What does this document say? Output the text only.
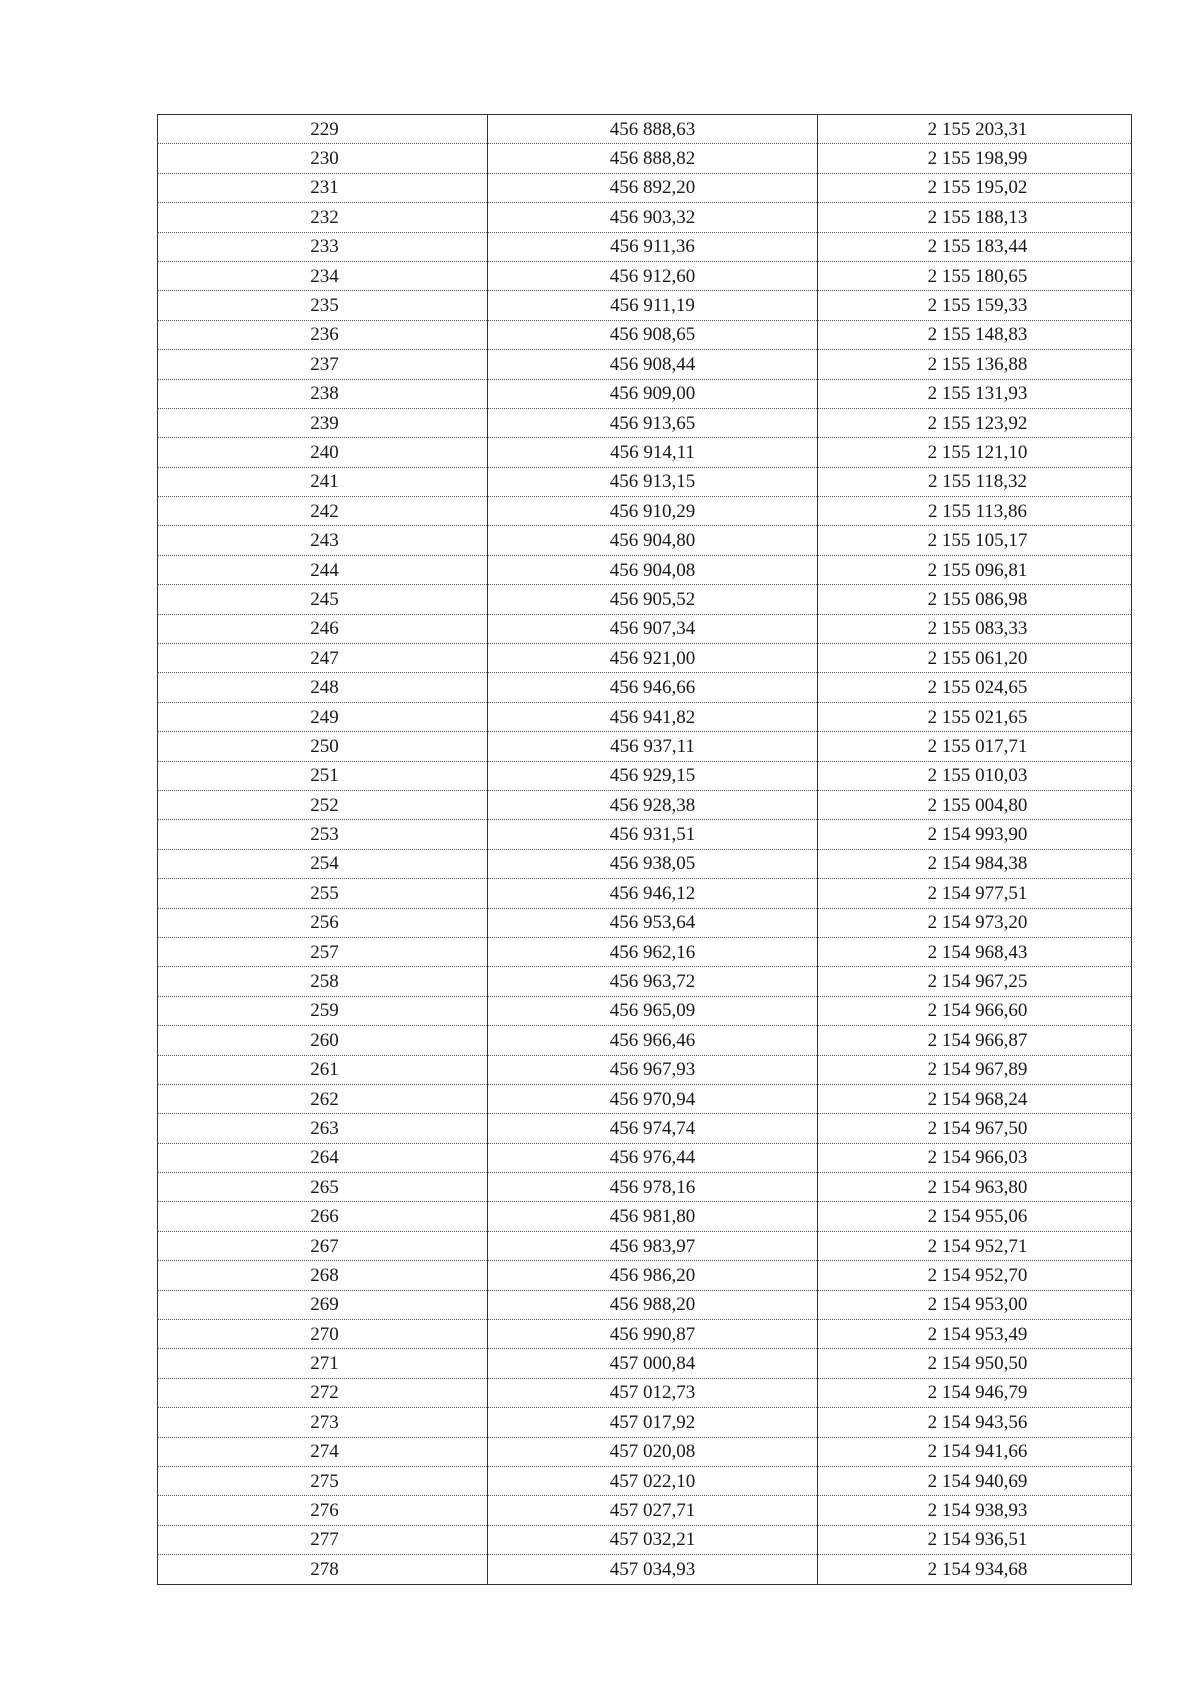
229	456 888,63	2 155 203,31
230	456 888,82	2 155 198,99
231	456 892,20	2 155 195,02
232	456 903,32	2 155 188,13
233	456 911,36	2 155 183,44
234	456 912,60	2 155 180,65
235	456 911,19	2 155 159,33
236	456 908,65	2 155 148,83
237	456 908,44	2 155 136,88
238	456 909,00	2 155 131,93
239	456 913,65	2 155 123,92
240	456 914,11	2 155 121,10
241	456 913,15	2 155 118,32
242	456 910,29	2 155 113,86
243	456 904,80	2 155 105,17
244	456 904,08	2 155 096,81
245	456 905,52	2 155 086,98
246	456 907,34	2 155 083,33
247	456 921,00	2 155 061,20
248	456 946,66	2 155 024,65
249	456 941,82	2 155 021,65
250	456 937,11	2 155 017,71
251	456 929,15	2 155 010,03
252	456 928,38	2 155 004,80
253	456 931,51	2 154 993,90
254	456 938,05	2 154 984,38
255	456 946,12	2 154 977,51
256	456 953,64	2 154 973,20
257	456 962,16	2 154 968,43
258	456 963,72	2 154 967,25
259	456 965,09	2 154 966,60
260	456 966,46	2 154 966,87
261	456 967,93	2 154 967,89
262	456 970,94	2 154 968,24
263	456 974,74	2 154 967,50
264	456 976,44	2 154 966,03
265	456 978,16	2 154 963,80
266	456 981,80	2 154 955,06
267	456 983,97	2 154 952,71
268	456 986,20	2 154 952,70
269	456 988,20	2 154 953,00
270	456 990,87	2 154 953,49
271	457 000,84	2 154 950,50
272	457 012,73	2 154 946,79
273	457 017,92	2 154 943,56
274	457 020,08	2 154 941,66
275	457 022,10	2 154 940,69
276	457 027,71	2 154 938,93
277	457 032,21	2 154 936,51
278	457 034,93	2 154 934,68
